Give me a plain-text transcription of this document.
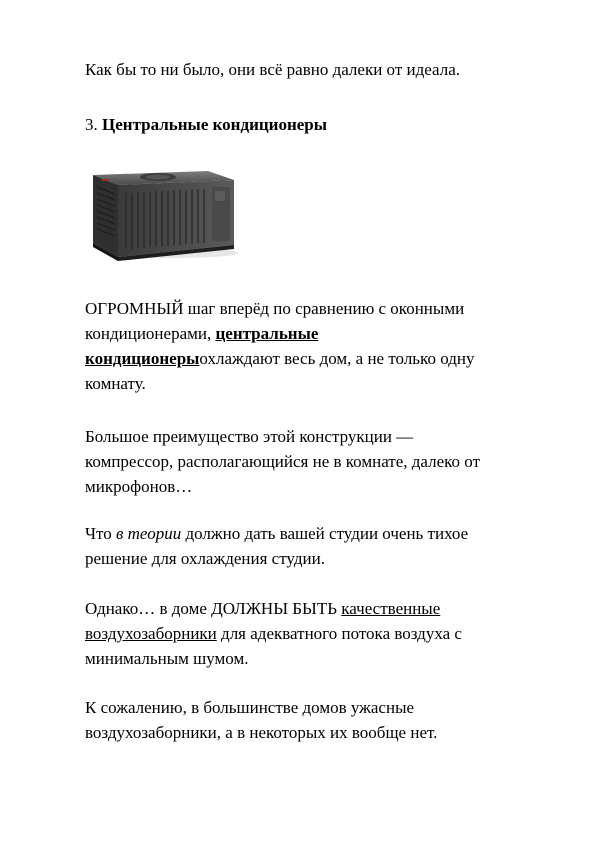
Как бы то ни было, они всё равно далеки от идеала.

3. Центральные кондиционеры

ОГРОМНЫЙ шаг вперёд по сравнению с оконными
кондиционерами, центральные
кондиционерыохлаждают весь дом, а не только одну
комнату.

Большое преимущество этой конструкции —
компрессор, располагающийся не в комнате, далеко от
микрофонов…

Что в теории должно дать вашей студии очень тихое
решение для охлаждения студии.

Однако… в доме ДОЛЖНЫ БЫТЬ качественные
воздухозаборники для адекватного потока воздуха с
минимальным шумом.

К сожалению, в большинстве домов ужасные
воздухозаборники, а в некоторых их вообще нет.
